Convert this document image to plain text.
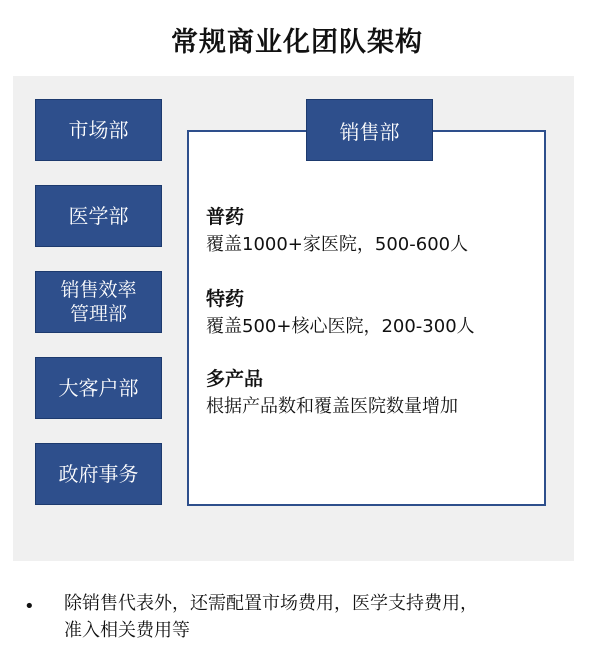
常规商业化团队架构
市场部
医学部
销售效率
管理部
大客户部
政府事务
销售部
普药
覆盖1000+家医院，500-600人
特药
覆盖500+核心医院，200-300人
多产品
根据产品数和覆盖医院数量增加
• 除销售代表外，还需配置市场费用，医学支持费用，
准入相关费用等
